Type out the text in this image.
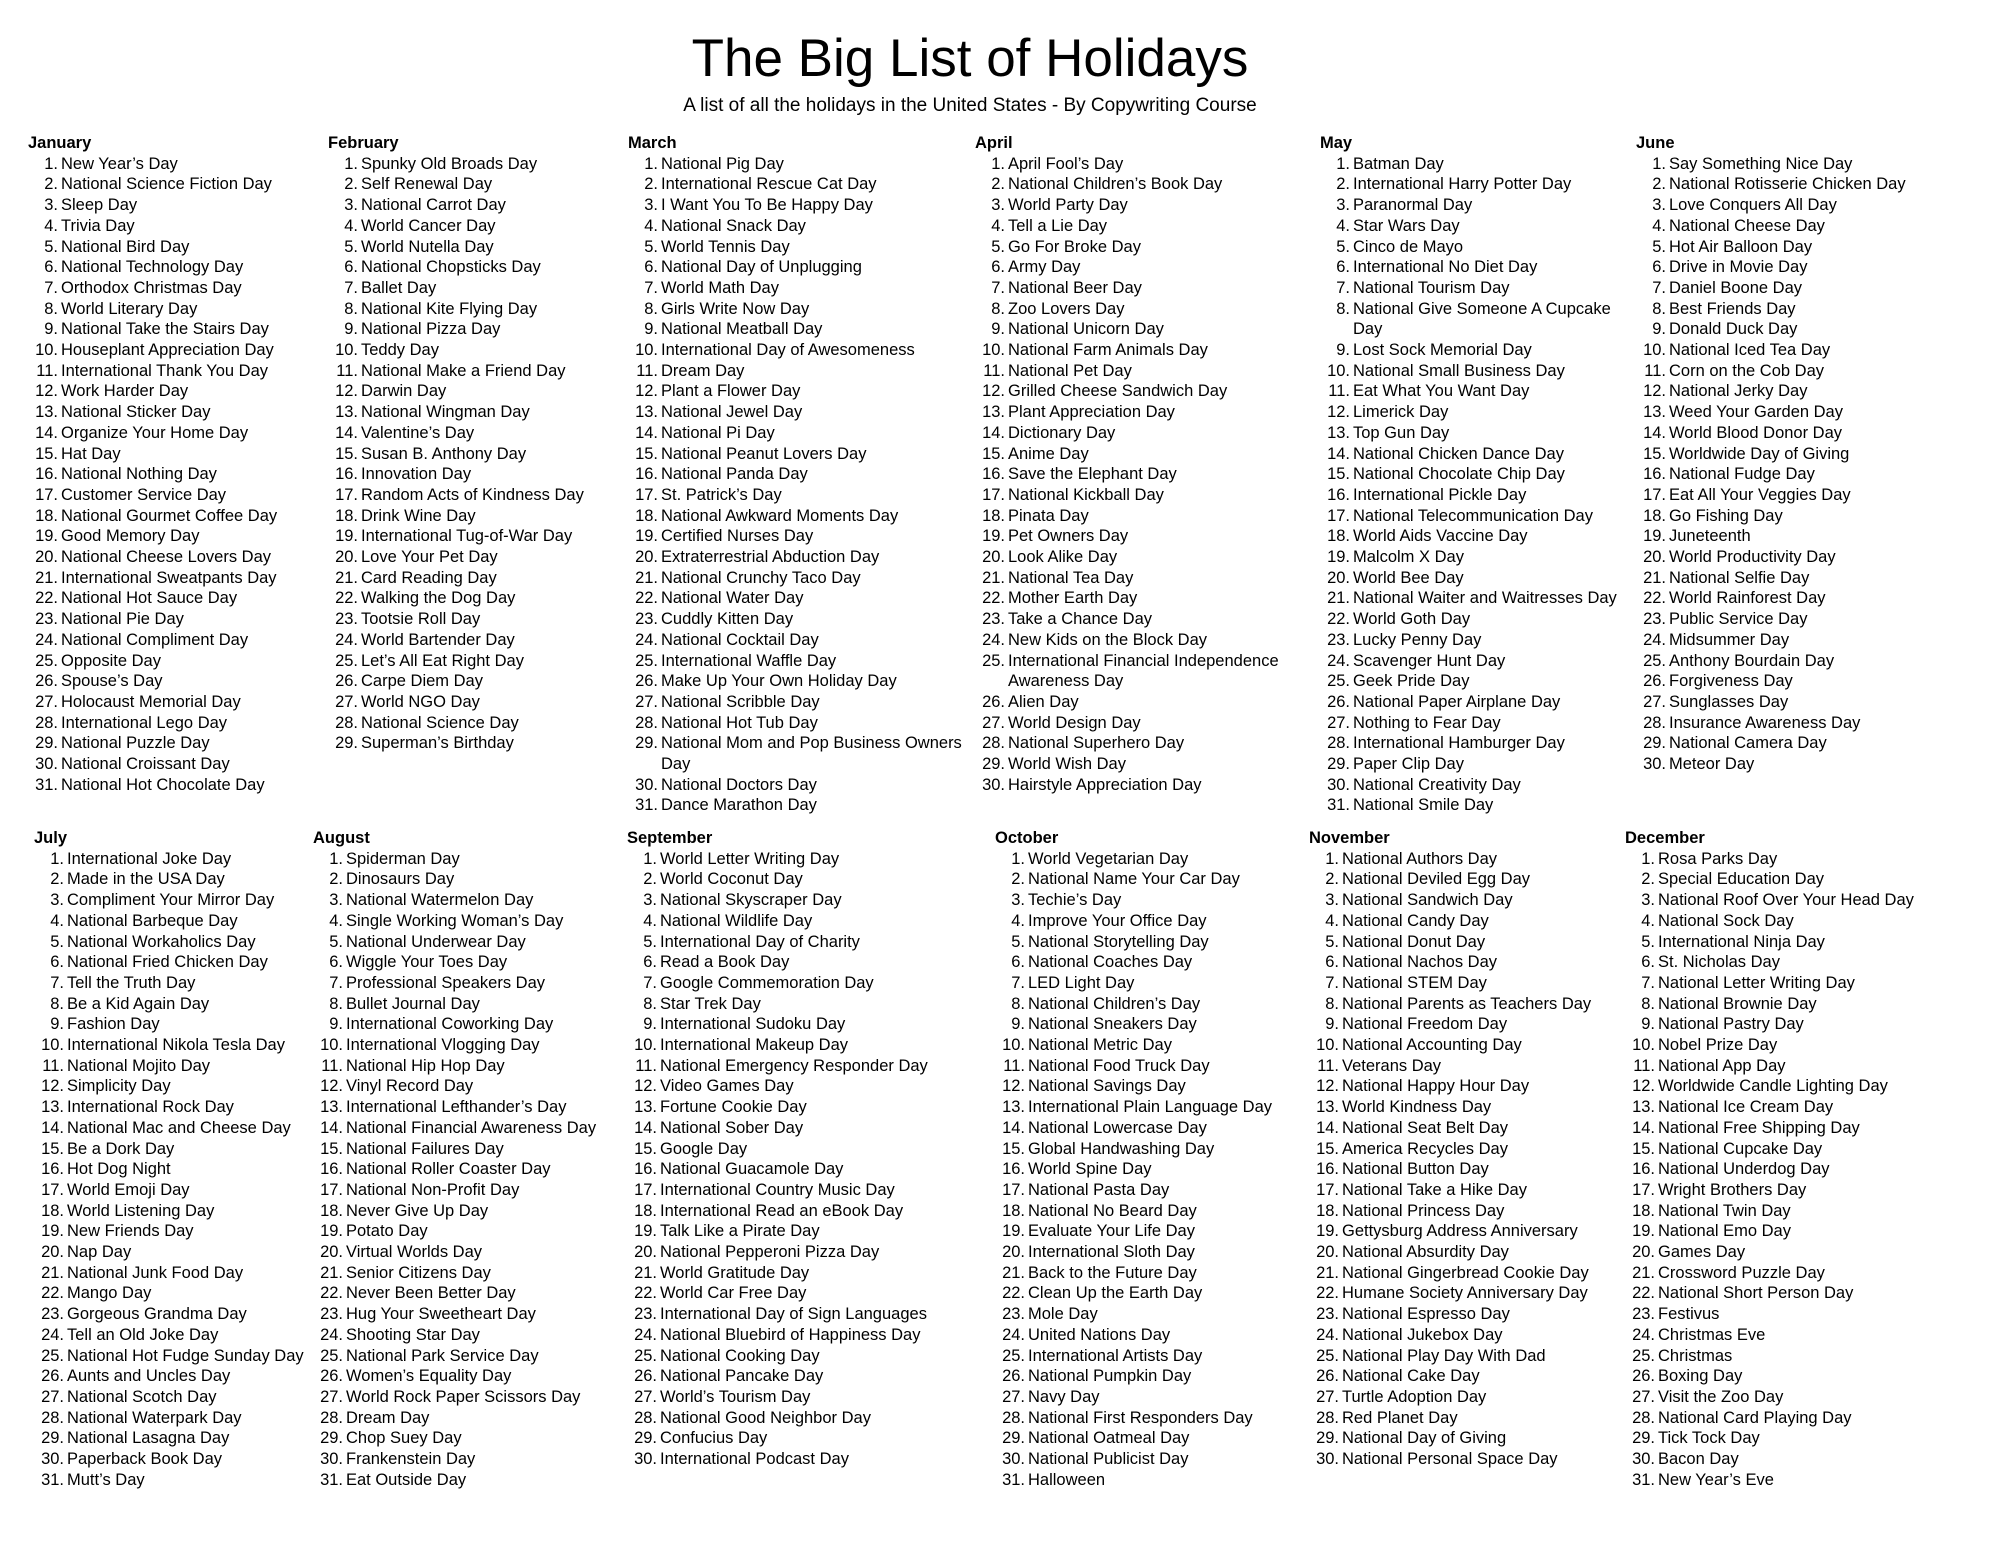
The Big List of Holidays
A list of all the holidays in the United States - By Copywriting Course
January
1. New Year’s Day
2. National Science Fiction Day
3. Sleep Day
4. Trivia Day
5. National Bird Day
6. National Technology Day
7. Orthodox Christmas Day
8. World Literary Day
9. National Take the Stairs Day
10. Houseplant Appreciation Day
11. International Thank You Day
12. Work Harder Day
13. National Sticker Day
14. Organize Your Home Day
15. Hat Day
16. National Nothing Day
17. Customer Service Day
18. National Gourmet Coffee Day
19. Good Memory Day
20. National Cheese Lovers Day
21. International Sweatpants Day
22. National Hot Sauce Day
23. National Pie Day
24. National Compliment Day
25. Opposite Day
26. Spouse’s Day
27. Holocaust Memorial Day
28. International Lego Day
29. National Puzzle Day
30. National Croissant Day
31. National Hot Chocolate Day
February
1. Spunky Old Broads Day
2. Self Renewal Day
3. National Carrot Day
4. World Cancer Day
5. World Nutella Day
6. National Chopsticks Day
7. Ballet Day
8. National Kite Flying Day
9. National Pizza Day
10. Teddy Day
11. National Make a Friend Day
12. Darwin Day
13. National Wingman Day
14. Valentine’s Day
15. Susan B. Anthony Day
16. Innovation Day
17. Random Acts of Kindness Day
18. Drink Wine Day
19. International Tug-of-War Day
20. Love Your Pet Day
21. Card Reading Day
22. Walking the Dog Day
23. Tootsie Roll Day
24. World Bartender Day
25. Let’s All Eat Right Day
26. Carpe Diem Day
27. World NGO Day
28. National Science Day
29. Superman’s Birthday
March
1. National Pig Day
2. International Rescue Cat Day
3. I Want You To Be Happy Day
4. National Snack Day
5. World Tennis Day
6. National Day of Unplugging
7. World Math Day
8. Girls Write Now Day
9. National Meatball Day
10. International Day of Awesomeness
11. Dream Day
12. Plant a Flower Day
13. National Jewel Day
14. National Pi Day
15. National Peanut Lovers Day
16. National Panda Day
17. St. Patrick’s Day
18. National Awkward Moments Day
19. Certified Nurses Day
20. Extraterrestrial Abduction Day
21. National Crunchy Taco Day
22. National Water Day
23. Cuddly Kitten Day
24. National Cocktail Day
25. International Waffle Day
26. Make Up Your Own Holiday Day
27. National Scribble Day
28. National Hot Tub Day
29. National Mom and Pop Business Owners Day
30. National Doctors Day
31. Dance Marathon Day
April
1. April Fool’s Day
2. National Children’s Book Day
3. World Party Day
4. Tell a Lie Day
5. Go For Broke Day
6. Army Day
7. National Beer Day
8. Zoo Lovers Day
9. National Unicorn Day
10. National Farm Animals Day
11. National Pet Day
12. Grilled Cheese Sandwich Day
13. Plant Appreciation Day
14. Dictionary Day
15. Anime Day
16. Save the Elephant Day
17. National Kickball Day
18. Pinata Day
19. Pet Owners Day
20. Look Alike Day
21. National Tea Day
22. Mother Earth Day
23. Take a Chance Day
24. New Kids on the Block Day
25. International Financial Independence Awareness Day
26. Alien Day
27. World Design Day
28. National Superhero Day
29. World Wish Day
30. Hairstyle Appreciation Day
May
1. Batman Day
2. International Harry Potter Day
3. Paranormal Day
4. Star Wars Day
5. Cinco de Mayo
6. International No Diet Day
7. National Tourism Day
8. National Give Someone A Cupcake Day
9. Lost Sock Memorial Day
10. National Small Business Day
11. Eat What You Want Day
12. Limerick Day
13. Top Gun Day
14. National Chicken Dance Day
15. National Chocolate Chip Day
16. International Pickle Day
17. National Telecommunication Day
18. World Aids Vaccine Day
19. Malcolm X Day
20. World Bee Day
21. National Waiter and Waitresses Day
22. World Goth Day
23. Lucky Penny Day
24. Scavenger Hunt Day
25. Geek Pride Day
26. National Paper Airplane Day
27. Nothing to Fear Day
28. International Hamburger Day
29. Paper Clip Day
30. National Creativity Day
31. National Smile Day
June
1. Say Something Nice Day
2. National Rotisserie Chicken Day
3. Love Conquers All Day
4. National Cheese Day
5. Hot Air Balloon Day
6. Drive in Movie Day
7. Daniel Boone Day
8. Best Friends Day
9. Donald Duck Day
10. National Iced Tea Day
11. Corn on the Cob Day
12. National Jerky Day
13. Weed Your Garden Day
14. World Blood Donor Day
15. Worldwide Day of Giving
16. National Fudge Day
17. Eat All Your Veggies Day
18. Go Fishing Day
19. Juneteenth
20. World Productivity Day
21. National Selfie Day
22. World Rainforest Day
23. Public Service Day
24. Midsummer Day
25. Anthony Bourdain Day
26. Forgiveness Day
27. Sunglasses Day
28. Insurance Awareness Day
29. National Camera Day
30. Meteor Day
July
1. International Joke Day
2. Made in the USA Day
3. Compliment Your Mirror Day
4. National Barbeque Day
5. National Workaholics Day
6. National Fried Chicken Day
7. Tell the Truth Day
8. Be a Kid Again Day
9. Fashion Day
10. International Nikola Tesla Day
11. National Mojito Day
12. Simplicity Day
13. International Rock Day
14. National Mac and Cheese Day
15. Be a Dork Day
16. Hot Dog Night
17. World Emoji Day
18. World Listening Day
19. New Friends Day
20. Nap Day
21. National Junk Food Day
22. Mango Day
23. Gorgeous Grandma Day
24. Tell an Old Joke Day
25. National Hot Fudge Sunday Day
26. Aunts and Uncles Day
27. National Scotch Day
28. National Waterpark Day
29. National Lasagna Day
30. Paperback Book Day
31. Mutt’s Day
August
1. Spiderman Day
2. Dinosaurs Day
3. National Watermelon Day
4. Single Working Woman’s Day
5. National Underwear Day
6. Wiggle Your Toes Day
7. Professional Speakers Day
8. Bullet Journal Day
9. International Coworking Day
10. International Vlogging Day
11. National Hip Hop Day
12. Vinyl Record Day
13. International Lefthander’s Day
14. National Financial Awareness Day
15. National Failures Day
16. National Roller Coaster Day
17. National Non-Profit Day
18. Never Give Up Day
19. Potato Day
20. Virtual Worlds Day
21. Senior Citizens Day
22. Never Been Better Day
23. Hug Your Sweetheart Day
24. Shooting Star Day
25. National Park Service Day
26. Women’s Equality Day
27. World Rock Paper Scissors Day
28. Dream Day
29. Chop Suey Day
30. Frankenstein Day
31. Eat Outside Day
September
1. World Letter Writing Day
2. World Coconut Day
3. National Skyscraper Day
4. National Wildlife Day
5. International Day of Charity
6. Read a Book Day
7. Google Commemoration Day
8. Star Trek Day
9. International Sudoku Day
10. International Makeup Day
11. National Emergency Responder Day
12. Video Games Day
13. Fortune Cookie Day
14. National Sober Day
15. Google Day
16. National Guacamole Day
17. International Country Music Day
18. International Read an eBook Day
19. Talk Like a Pirate Day
20. National Pepperoni Pizza Day
21. World Gratitude Day
22. World Car Free Day
23. International Day of Sign Languages
24. National Bluebird of Happiness Day
25. National Cooking Day
26. National Pancake Day
27. World’s Tourism Day
28. National Good Neighbor Day
29. Confucius Day
30. International Podcast Day
October
1. World Vegetarian Day
2. National Name Your Car Day
3. Techie’s Day
4. Improve Your Office Day
5. National Storytelling Day
6. National Coaches Day
7. LED Light Day
8. National Children’s Day
9. National Sneakers Day
10. National Metric Day
11. National Food Truck Day
12. National Savings Day
13. International Plain Language Day
14. National Lowercase Day
15. Global Handwashing Day
16. World Spine Day
17. National Pasta Day
18. National No Beard Day
19. Evaluate Your Life Day
20. International Sloth Day
21. Back to the Future Day
22. Clean Up the Earth Day
23. Mole Day
24. United Nations Day
25. International Artists Day
26. National Pumpkin Day
27. Navy Day
28. National First Responders Day
29. National Oatmeal Day
30. National Publicist Day
31. Halloween
November
1. National Authors Day
2. National Deviled Egg Day
3. National Sandwich Day
4. National Candy Day
5. National Donut Day
6. National Nachos Day
7. National STEM Day
8. National Parents as Teachers Day
9. National Freedom Day
10. National Accounting Day
11. Veterans Day
12. National Happy Hour Day
13. World Kindness Day
14. National Seat Belt Day
15. America Recycles Day
16. National Button Day
17. National Take a Hike Day
18. National Princess Day
19. Gettysburg Address Anniversary
20. National Absurdity Day
21. National Gingerbread Cookie Day
22. Humane Society Anniversary Day
23. National Espresso Day
24. National Jukebox Day
25. National Play Day With Dad
26. National Cake Day
27. Turtle Adoption Day
28. Red Planet Day
29. National Day of Giving
30. National Personal Space Day
December
1. Rosa Parks Day
2. Special Education Day
3. National Roof Over Your Head Day
4. National Sock Day
5. International Ninja Day
6. St. Nicholas Day
7. National Letter Writing Day
8. National Brownie Day
9. National Pastry Day
10. Nobel Prize Day
11. National App Day
12. Worldwide Candle Lighting Day
13. National Ice Cream Day
14. National Free Shipping Day
15. National Cupcake Day
16. National Underdog Day
17. Wright Brothers Day
18. National Twin Day
19. National Emo Day
20. Games Day
21. Crossword Puzzle Day
22. National Short Person Day
23. Festivus
24. Christmas Eve
25. Christmas
26. Boxing Day
27. Visit the Zoo Day
28. National Card Playing Day
29. Tick Tock Day
30. Bacon Day
31. New Year’s Eve
